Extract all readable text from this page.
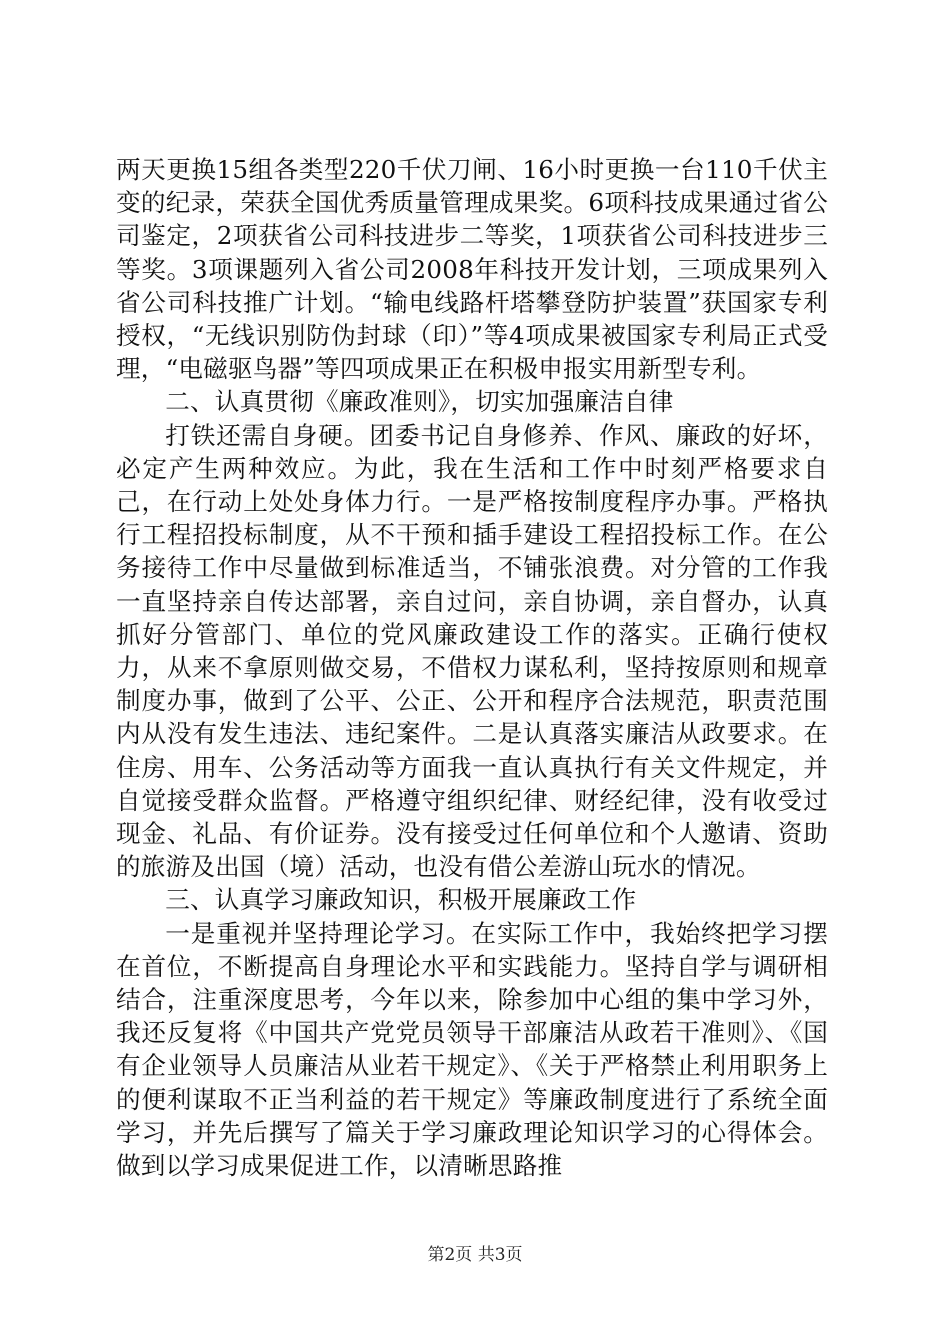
两天更换15组各类型220千伏刀闸、16小时更换一台110千伏主变的纪录，荣获全国优秀质量管理成果奖。6项科技成果通过省公司鉴定，2项获省公司科技进步二等奖，1项获省公司科技进步三等奖。3项课题列入省公司2008年科技开发计划，三项成果列入省公司科技推广计划。“输电线路杆塔攀登防护装置”获国家专利授权，“无线识别防伪封球（印）”等4项成果被国家专利局正式受理，“电磁驱鸟器”等四项成果正在积极申报实用新型专利。

二、认真贯彻《廉政准则》，切实加强廉洁自律

打铁还需自身硬。团委书记自身修养、作风、廉政的好坏，必定产生两种效应。为此，我在生活和工作中时刻严格要求自己，在行动上处处身体力行。一是严格按制度程序办事。严格执行工程招投标制度，从不干预和插手建设工程招投标工作。在公务接待工作中尽量做到标准适当，不铺张浪费。对分管的工作我一直坚持亲自传达部署，亲自过问，亲自协调，亲自督办，认真抓好分管部门、单位的党风廉政建设工作的落实。正确行使权力，从来不拿原则做交易，不借权力谋私利，坚持按原则和规章制度办事，做到了公平、公正、公开和程序合法规范，职责范围内从没有发生违法、违纪案件。二是认真落实廉洁从政要求。在住房、用车、公务活动等方面我一直认真执行有关文件规定，并自觉接受群众监督。严格遵守组织纪律、财经纪律，没有收受过现金、礼品、有价证券。没有接受过任何单位和个人邀请、资助的旅游及出国（境）活动，也没有借公差游山玩水的情况。

三、认真学习廉政知识，积极开展廉政工作

一是重视并坚持理论学习。在实际工作中，我始终把学习摆在首位，不断提高自身理论水平和实践能力。坚持自学与调研相结合，注重深度思考，今年以来，除参加中心组的集中学习外，我还反复将《中国共产党党员领导干部廉洁从政若干准则》、《国有企业领导人员廉洁从业若干规定》、《关于严格禁止利用职务上的便利谋取不正当利益的若干规定》等廉政制度进行了系统全面学习，并先后撰写了篇关于学习廉政理论知识学习的心得体会。做到以学习成果促进工作，以清晰思路推

第2页 共3页
